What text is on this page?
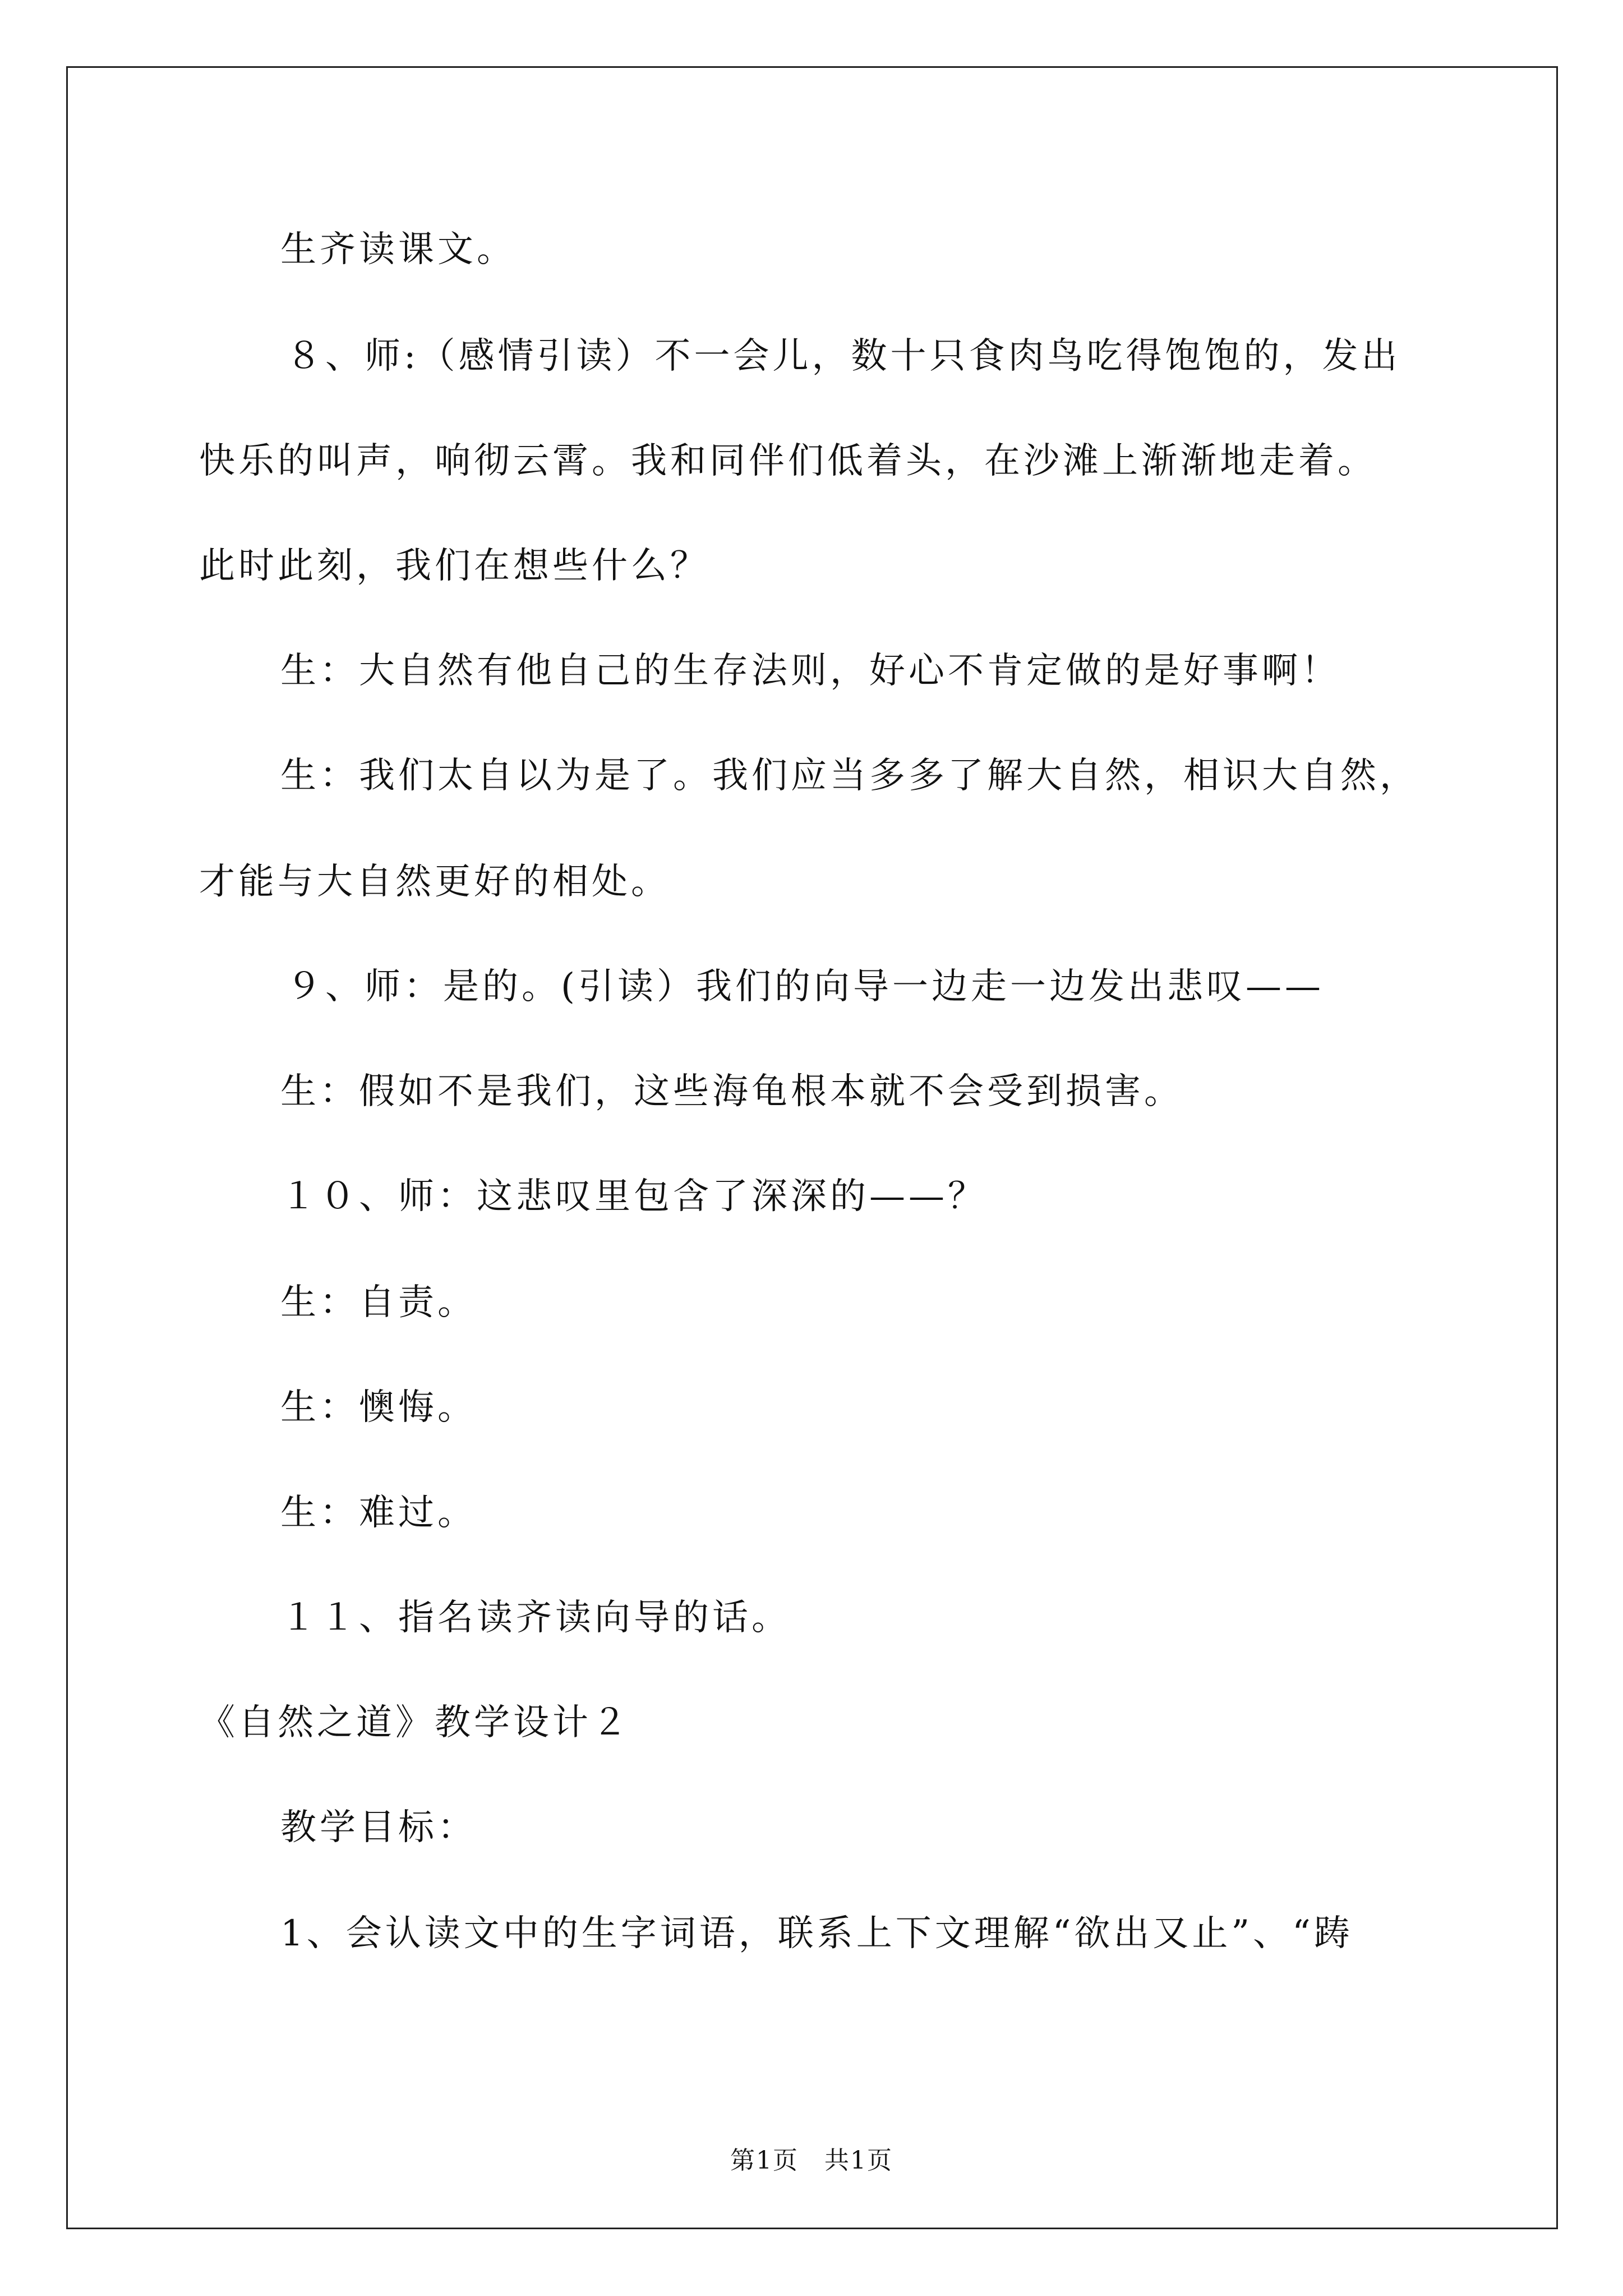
生齐读课文。
８、师:（感情引读）不一会儿，数十只食肉鸟吃得饱饱的，发出
快乐的叫声，响彻云霄。我和同伴们低着头，在沙滩上渐渐地走着。
此时此刻，我们在想些什么？
生：大自然有他自己的生存法则，好心不肯定做的是好事啊！
生：我们太自以为是了。我们应当多多了解大自然，相识大自然，
才能与大自然更好的相处。
９、师：是的。(引读）我们的向导一边走一边发出悲叹——
生：假如不是我们，这些海龟根本就不会受到损害。
１０、师：这悲叹里包含了深深的——？
生：自责。
生：懊悔。
生：难过。
１１、指名读齐读向导的话。
《自然之道》教学设计２
教学目标：
1、会认读文中的生字词语，联系上下文理解“欲出又止”、“踌
第1页　共1页
